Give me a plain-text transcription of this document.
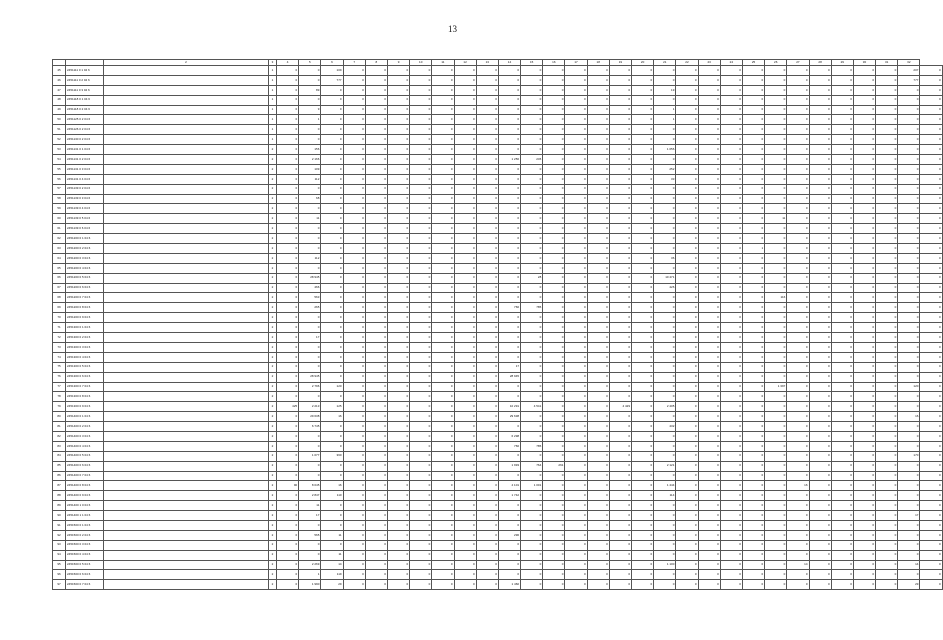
13
		2	3	4	5	6	7	8	9	10	11	12	13	14	15	16	17	18	19	20	21	22	23	24	25	26	27	28	29	30	31	32	
45	2451111 0 1 04 6		1	0	0	109	0	0	0	0	0	0	0	0	0	0	0	0	0	0	0	0	0	0	0	0	0	0	0	0	0	207	0
46	2451111 0 2 04 6		1	0	0	777	0	0	0	0	0	0	0	0	0	0	0	0	0	0	0	0	0	0	0	0	0	0	0	0	0	777	0
47	2451111 0 3 04 6		1	0	89	0	0	0	0	0	0	0	0	0	0	0	0	0	0	0	19	0	0	0	0	0	0	0	0	0	0	0	0
48	2451118 0 1 04 6		1	0	0	0	0	0	0	0	0	0	0	0	0	0	0	0	0	0	0	0	0	0	0	0	0	0	0	0	0	0	0
49	2451118 0 2 04 6		1	0	9	0	0	0	0	0	0	0	0	0	0	0	0	0	0	0	1	0	0	0	0	0	0	0	0	0	0	0	0
50	2451125 0 2 04 6		1	0	1	0	0	0	0	0	0	0	0	0	0	0	0	0	0	0	1	0	0	0	0	0	0	0	0	0	0	0	0
51	2451126 0 2 04 6		1	0	0	0	0	0	0	0	0	0	0	0	0	0	0	0	0	0	0	0	0	0	0	0	0	0	0	0	0	0	0
52	2451130 0 2 04 6		1	0	0	0	0	0	0	0	0	0	0	0	0	0	0	0	0	0	0	0	0	0	0	0	0	0	0	0	0	0	0
53	2451131 0 1 04 6		2	0	156	0	0	0	0	0	0	0	0	0	0	0	0	0	0	0	1 056	0	0	0	0	0	0	0	0	0	0	0	0
54	2451131 0 2 04 6		2	0	2 166	0	0	0	0	0	0	0	0	1 256	245	0	0	0	0	0	0	0	0	0	0	0	0	0	0	0	0	0	0
55	2451131 0 3 04 6		2	0	109	0	0	0	0	0	0	0	0	0	0	0	0	0	0	0	252	0	0	0	0	0	0	0	0	0	0	0	0
56	2451131 0 4 04 6		2	0	112	0	0	0	0	0	0	0	0	0	0	0	0	0	0	0	33	0	0	0	0	0	0	0	0	0	0	0	0
57	2451139 0 2 04 6		2	0	0	0	0	0	0	0	0	0	0	0	0	0	0	0	0	0	0	0	0	0	0	0	0	0	0	0	0	0	0
58	2451139 0 3 04 6		2	0	68	0	0	0	0	0	0	0	0	0	0	0	0	0	0	0	0	0	0	0	0	0	0	0	0	0	0	0	0
59	2451139 0 4 04 6		2	0	0	0	0	0	0	0	0	0	0	0	0	0	0	0	0	0	0	0	0	0	0	0	0	0	0	0	0	0	0
60	2451139 0 5 04 6		2	0	11	0	0	0	0	0	0	0	0	0	0	0	0	0	0	0	0	0	0	0	0	11	0	0	0	0	0	0	0
61	2451139 0 6 04 6		2	0	0	0	0	0	0	0	0	0	0	0	0	0	0	0	0	0	0	0	0	0	0	0	0	0	0	0	0	0	0
62	2451200 0 1 04 6		2	0	0	0	0	0	0	0	0	0	0	0	0	0	0	0	0	0	0	0	0	0	0	0	0	0	0	0	0	0	0
63	2451200 0 2 04 6		2	0	0	0	0	0	0	0	0	0	0	0	0	0	0	0	0	0	0	0	0	0	1	0	0	0	0	0	0	0	0
64	2451200 0 3 04 6		2	0	112	0	0	0	0	0	0	0	0	0	0	0	0	0	0	0	36	0	0	0	0	0	0	0	0	0	0	0	0
65	2451200 0 4 04 6		2	0	0	0	0	0	0	0	0	0	0	0	0	0	0	0	0	0	0	0	0	0	0	0	0	0	0	0	0	0	0
66	2451200 0 5 04 6		2	0	28 945	0	0	0	0	0	0	0	0	0	28	0	0	0	0	0	10 471	0	0	0	0	0	0	0	0	0	0	0	0
67	2451200 0 6 04 6		2	0	466	0	0	0	0	0	0	0	0	0	0	0	0	0	0	0	426	0	0	0	0	0	0	0	0	0	0	0	0
68	2451200 0 7 04 6		2	0	563	0	0	0	0	0	0	0	0	0	0	0	0	0	0	0	0	0	0	0	0	116	0	0	0	0	0	0	0
69	2451200 0 8 04 6		2	0	265	0	0	0	0	0	0	0	0	766	785	0	0	0	0	0	0	0	0	0	0	0	0	0	0	0	0	0	0
70	2451200 0 9 04 6		2	0	0	0	0	0	0	0	0	0	0	0	0	0	0	0	0	0	0	0	0	0	0	0	0	0	0	0	0	0	0
71	2451300 0 1 04 6		2	0	0	0	0	0	0	0	0	0	0	0	0	0	0	0	0	0	0	0	0	0	0	0	0	0	0	0	0	0	0
72	2451300 0 2 04 6		2	0	17	0	0	0	0	0	0	0	0	0	0	0	0	0	0	0	0	0	0	0	0	0	0	0	0	0	0	0	0
73	2451300 0 3 04 6		2	0	0	0	0	0	0	0	0	0	0	0	0	0	0	0	0	0	0	0	0	0	0	0	0	0	0	0	0	0	0
74	2451300 0 4 04 6		2	0	0	0	0	0	0	0	0	0	0	0	0	0	0	0	0	0	0	0	0	0	0	0	0	0	0	0	0	0	0
75	2451300 0 5 04 6		2	0	0	0	0	0	0	0	0	0	0	17	0	0	0	0	0	0	0	0	0	0	0	0	0	0	0	0	0	0	0
76	2451300 0 6 04 6		2	0	28 945	0	0	0	0	0	0	0	0	28 945	0	0	0	0	0	0	0	0	0	0	0	0	0	0	0	0	0	0	0
77	2451300 0 7 04 6		2	0	2 796	120	0	0	0	0	0	0	0	0	0	0	0	0	0	0	0	0	0	0	0	1 397	0	0	0	0	0	120	0
78	2451300 0 8 04 6		2	0	0	0	0	0	0	0	0	0	0	0	0	0	0	0	0	0	0	0	0	0	0	0	0	0	0	0	0	0	0
79	2451300 0 9 04 6		2	425	2 213	125	0	0	0	0	0	0	0	10 291	4 541	0	0	0	4 429	0	2 405	0	0	0	0	0	0	0	0	0	0	0	0
80	2451400 0 1 04 6		2	0	29 638	16	0	0	0	0	0	0	0	29 638	0	0	0	0	0	0	0	0	0	0	0	0	0	0	0	0	0	16	0
81	2451400 0 2 04 6		2	0	6 745	0	0	0	0	0	0	0	0	0	0	0	0	0	0	0	432	0	0	0	0	0	0	0	0	0	0	0	0
82	2451400 0 3 04 6		2	0	0	0	0	0	0	0	0	0	0	6 298	0	0	0	0	0	0	0	0	0	0	0	0	0	0	0	0	0	0	0
83	2451400 0 4 04 6		2	0	0	0	0	0	0	0	0	0	0	766	785	0	0	0	0	0	0	0	0	0	0	0	0	0	0	0	0	0	0
84	2451400 0 5 04 6		2	0	1 077	360	0	0	0	0	0	0	0	0	0	0	0	0	0	0	0	0	0	0	0	0	0	0	0	0	0	170	0
85	2451400 0 6 04 6		2	0	0	0	0	0	0	0	0	0	0	1 993	764	261	0	0	0	0	2 121	0	0	0	0	0	0	0	0	0	0	0	0
86	2451400 0 7 04 6		2	0	0	0	0	0	0	0	0	0	0	0	0	0	0	0	0	0	0	0	0	0	0	0	0	0	0	0	0	0	0
87	2451400 0 8 04 6		2	90	8 045	16	0	0	0	0	0	0	0	4 101	1 001	0	0	0	0	0	1 444	0	0	0	0	0	16	0	0	0	0	0	0
88	2451400 0 9 04 6		2	0	2 847	110	0	0	0	0	0	0	0	1 742	0	0	0	0	0	0	114	0	0	0	0	0	0	0	0	0	0	0	0
89	2451400 1 0 04 6		2	0	11	0	0	0	0	0	0	0	0	0	0	0	0	0	0	0	0	0	0	0	0	0	0	0	0	0	0	0	0
90	2451400 1 1 04 6		2	0	17	0	0	0	0	0	0	0	0	0	0	0	0	0	0	0	0	0	0	0	0	0	0	0	0	0	0	17	0
91	2451500 0 1 04 6		2	0	0	0	0	0	0	0	0	0	0	0	0	0	0	0	0	0	0	0	0	0	0	0	0	0	0	0	0	0	0
92	2451500 0 2 04 6		2	0	565	11	0	0	0	0	0	0	0	296	0	0	0	0	0	0	0	0	0	0	0	0	0	0	0	0	0	0	0
93	2451500 0 3 04 6		2	0	0	0	0	0	0	0	0	0	0	0	0	0	0	0	0	0	0	0	0	0	0	0	0	0	0	0	0	0	0
94	2451500 0 4 04 6		2	0	0	11	0	0	0	0	0	0	0	0	0	0	0	0	0	0	0	0	0	0	0	0	0	0	0	0	0	0	0
95	2451500 0 5 04 6		2	0	2 269	14	0	0	0	0	0	0	0	0	0	0	0	0	0	0	1 100	0	0	0	0	0	14	0	0	0	0	14	0
96	2451500 0 6 04 6		2	0	1	119	0	0	0	0	0	0	0	0	0	0	0	0	0	0	0	0	0	0	0	0	0	0	0	0	0	0	0
97	2451500 0 7 04 6		2	0	1 990	29	0	0	0	0	0	0	0	1 460	0	0	0	0	0	0	0	0	0	0	0	0	0	0	0	0	0	29	0
